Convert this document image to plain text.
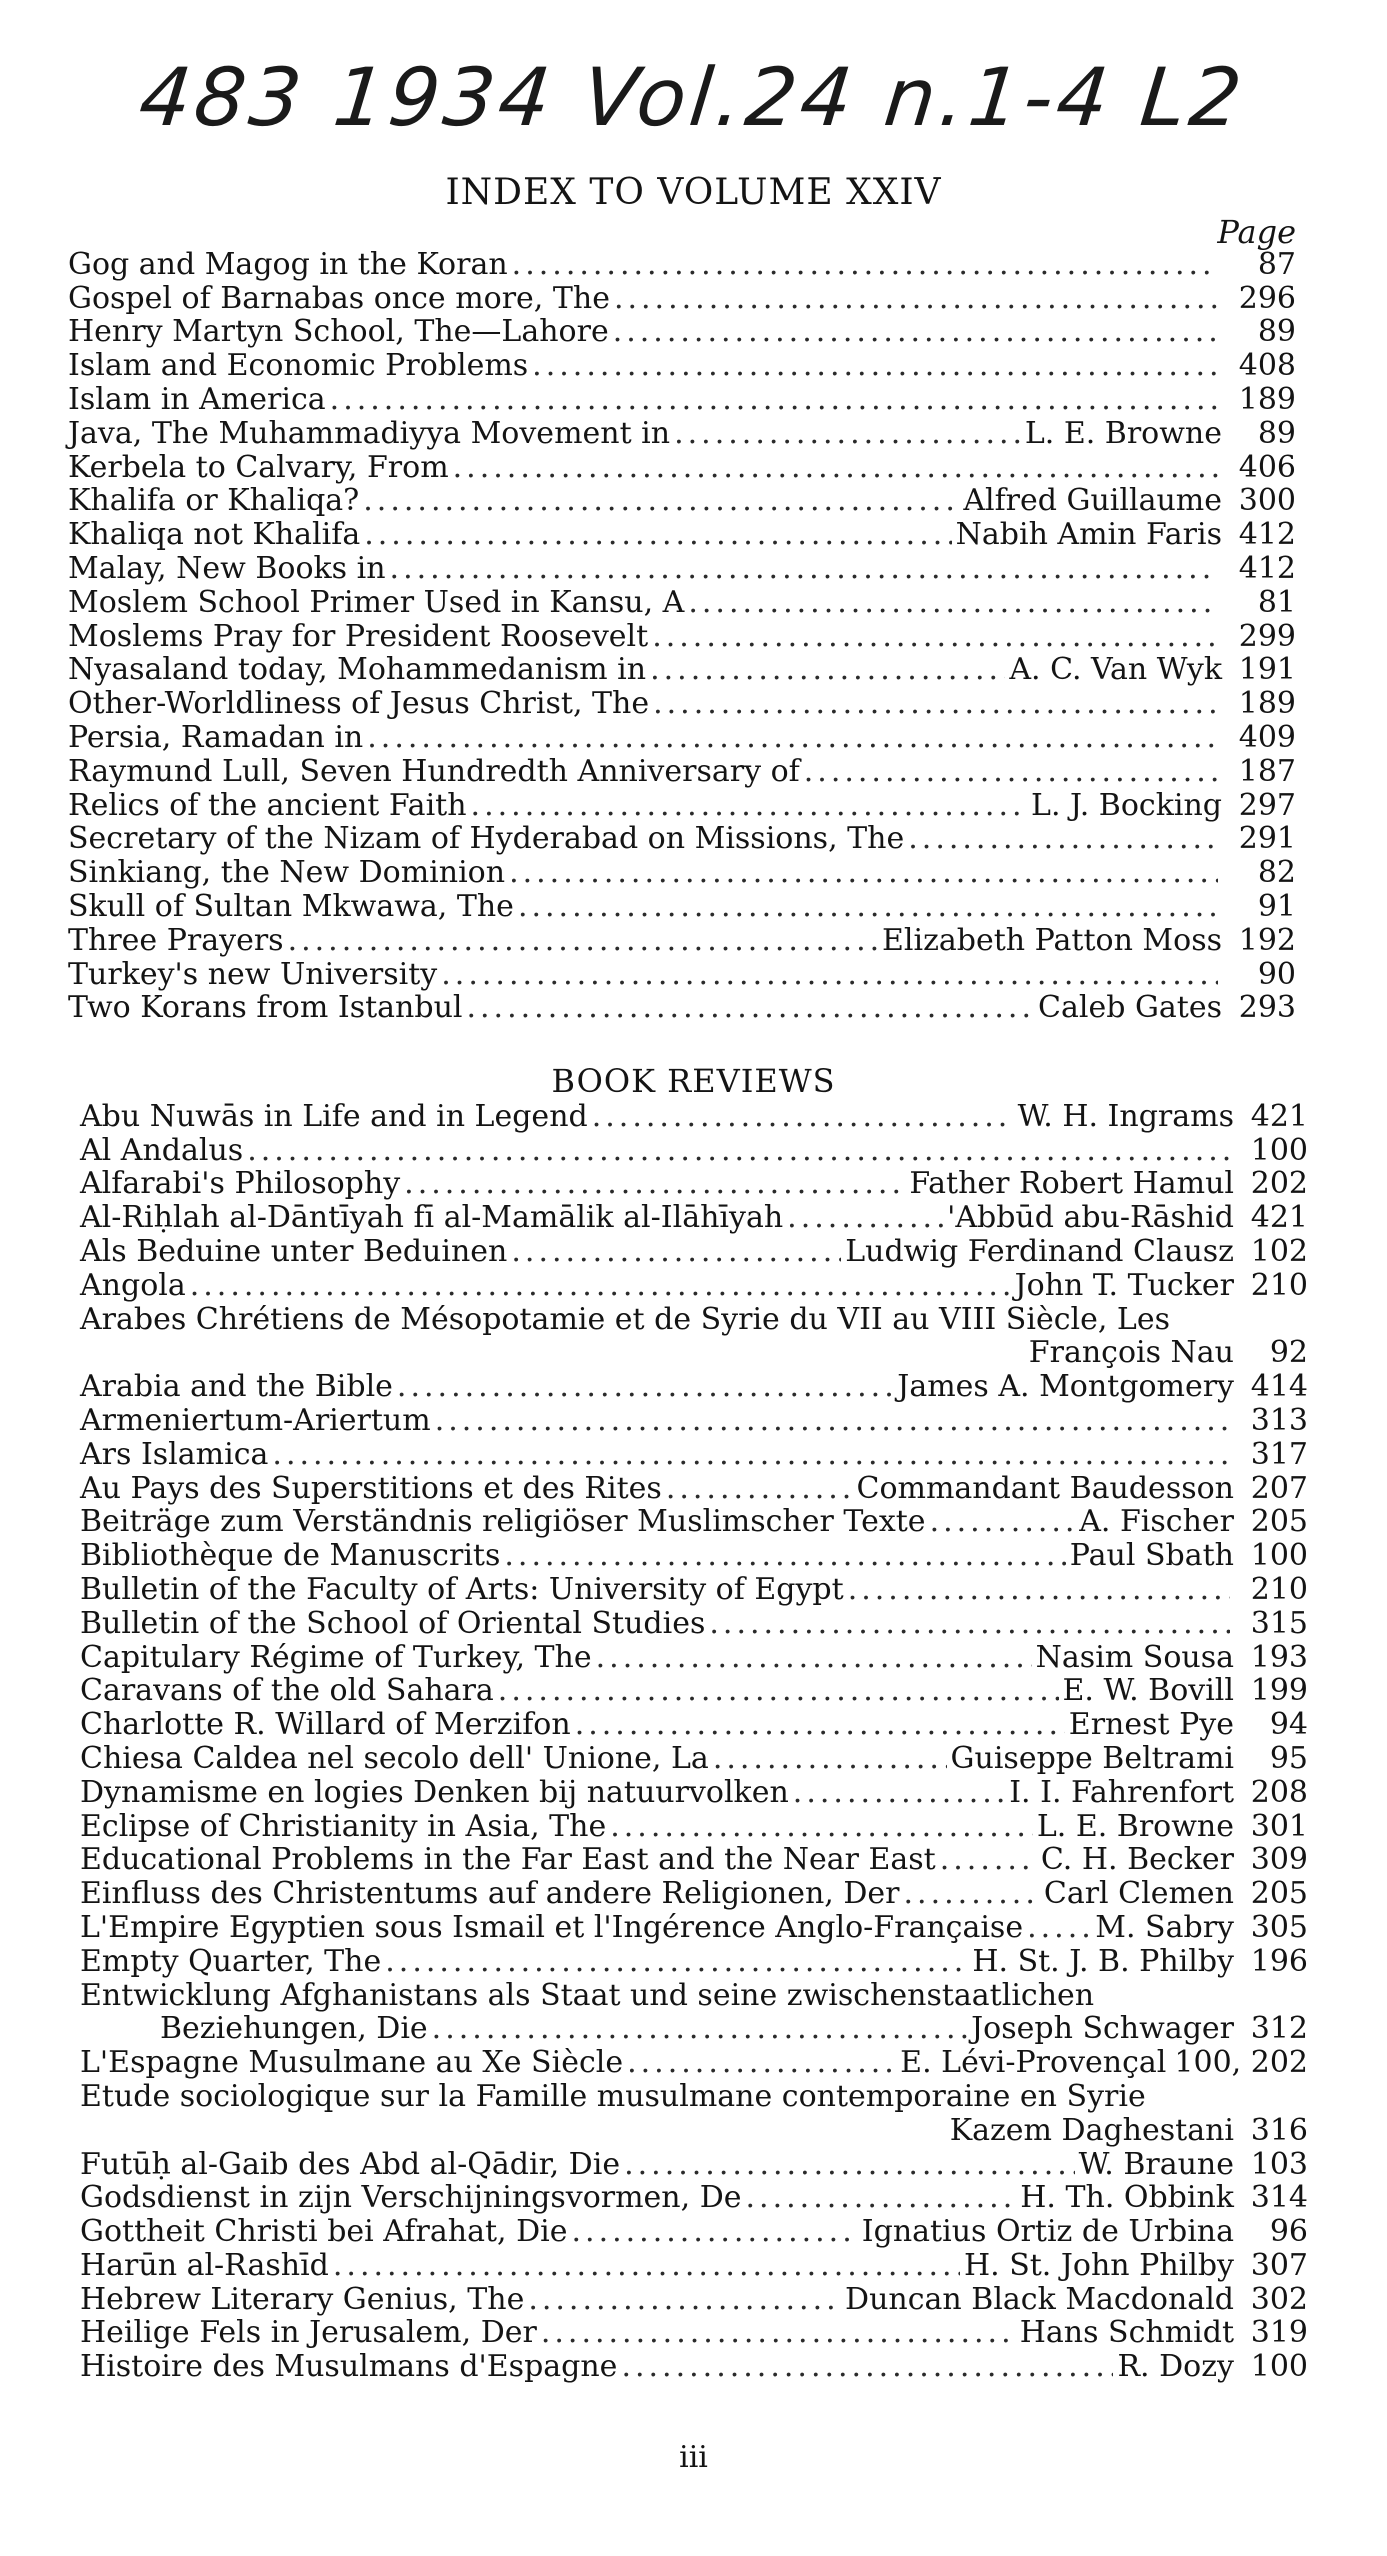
483 1934 Vol.24 n.1-4 L2
INDEX TO VOLUME XXIV
Page
Gog and Magog in the Koran .....	87
Gospel of Barnabas once more, The .....	296
Henry Martyn School, The—Lahore .....	89
Islam and Economic Problems .....	408
Islam in America .....	189
Java, The Muhammadiyya Movement in .....	L. E. Browne	89
Kerbela to Calvary, From .....	406
Khalifa or Khaliqa? .....	Alfred Guillaume 300
Khaliqa not Khalifa .....	Nabih Amin Faris 412
Malay, New Books in .....	412
Moslem School Primer Used in Kansu, A .....	81
Moslems Pray for President Roosevelt .....	299
Nyasaland today, Mohammedanism in .....	A. C. Van Wyk 191
Other-Worldliness of Jesus Christ, The .....	189
Persia, Ramadan in .....	409
Raymund Lull, Seven Hundredth Anniversary of .....	187
Relics of the ancient Faith .....	L. J. Bocking 297
Secretary of the Nizam of Hyderabad on Missions, The .....	291
Sinkiang, the New Dominion .....	82
Skull of Sultan Mkwawa, The .....	91
Three Prayers .....	Elizabeth Patton Moss 192
Turkey's new University .....	90
Two Korans from Istanbul .....	Caleb Gates 293
BOOK REVIEWS
Abu Nuwās in Life and in Legend .....	W. H. Ingrams 421
Al Andalus .....	100
Alfarabi's Philosophy .....	Father Robert Hamul 202
Al-Riḥlah al-Dāntīyah fī al-Mamālik al-Ilāhīyah .....	'Abbūd abu-Rāshid 421
Als Beduine unter Beduinen .....	Ludwig Ferdinand Clausz 102
Angola .....	John T. Tucker 210
Arabes Chrétiens de Mésopotamie et de Syrie du VII au VIII Siècle, Les
François Nau	92
Arabia and the Bible .....	James A. Montgomery 414
Armeniertum-Ariertum .....	313
Ars Islamica .....	317
Au Pays des Superstitions et des Rites .....	Commandant Baudesson 207
Beiträge zum Verständnis religiöser Muslimscher Texte .....	A. Fischer 205
Bibliothèque de Manuscrits .....	Paul Sbath 100
Bulletin of the Faculty of Arts: University of Egypt .....	210
Bulletin of the School of Oriental Studies .....	315
Capitulary Régime of Turkey, The .....	Nasim Sousa 193
Caravans of the old Sahara .....	E. W. Bovill 199
Charlotte R. Willard of Merzifon .....	Ernest Pye	94
Chiesa Caldea nel secolo dell' Unione, La .....	Guiseppe Beltrami	95
Dynamisme en logies Denken bij natuurvolken .....	I. I. Fahrenfort 208
Eclipse of Christianity in Asia, The .....	L. E. Browne 301
Educational Problems in the Far East and the Near East .....	C. H. Becker 309
Einfluss des Christentums auf andere Religionen, Der .....	Carl Clemen 205
L'Empire Egyptien sous Ismail et l'Ingérence Anglo-Française ..... M. Sabry 305
Empty Quarter, The .....	H. St. J. B. Philby 196
Entwicklung Afghanistans als Staat und seine zwischenstaatlichen
Beziehungen, Die .....	Joseph Schwager 312
L'Espagne Musulmane au Xe Siècle .....	E. Lévi-Provençal 100, 202
Etude sociologique sur la Famille musulmane contemporaine en Syrie
Kazem Daghestani 316
Futūḥ al-Gaib des Abd al-Qādir, Die .....	W. Braune 103
Godsdienst in zijn Verschijningsvormen, De .....	H. Th. Obbink 314
Gottheit Christi bei Afrahat, Die .....	Ignatius Ortiz de Urbina	96
Harūn al-Rashīd .....	H. St. John Philby 307
Hebrew Literary Genius, The .....	Duncan Black Macdonald 302
Heilige Fels in Jerusalem, Der .....	Hans Schmidt 319
Histoire des Musulmans d'Espagne .....	R. Dozy 100
iii
